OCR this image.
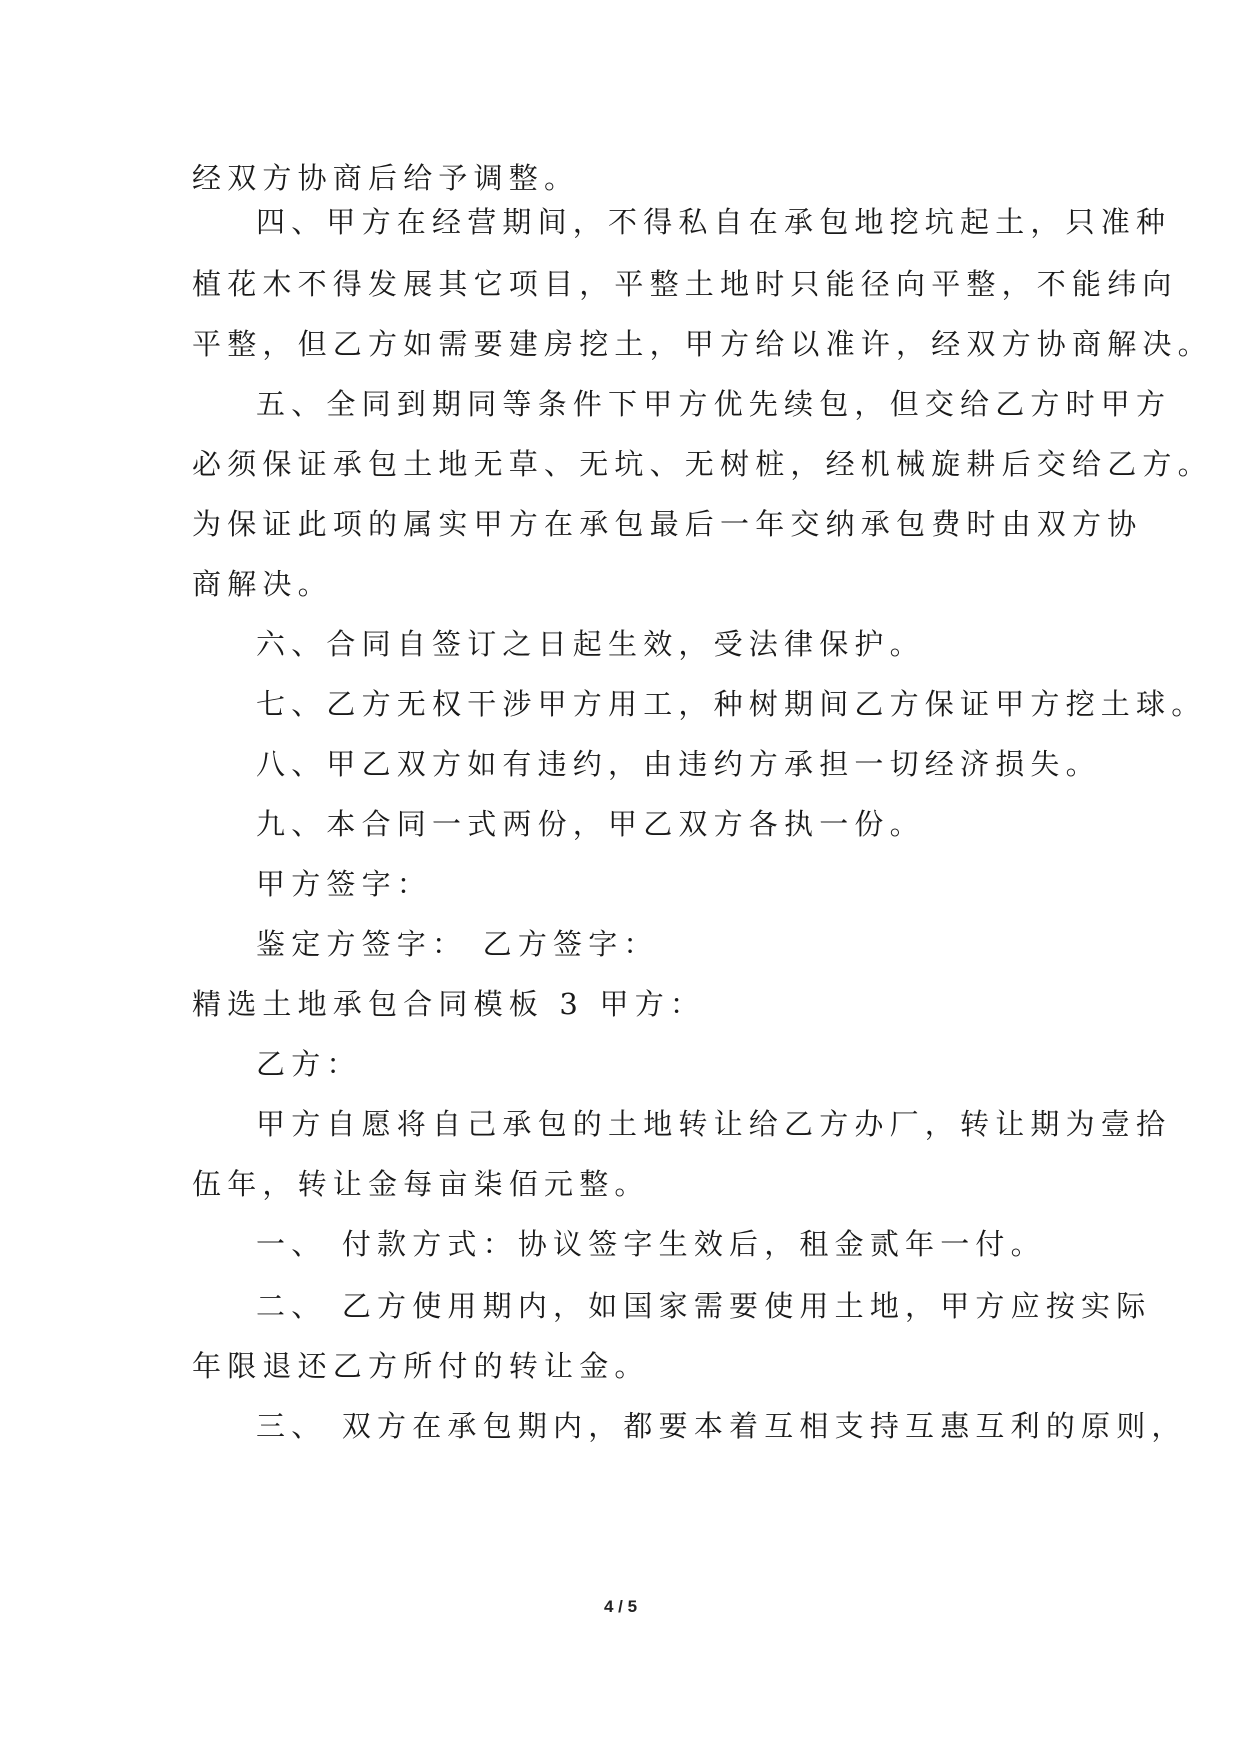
经双方协商后给予调整。
四、甲方在经营期间，不得私自在承包地挖坑起土，只准种
植花木不得发展其它项目，平整土地时只能径向平整，不能纬向
平整，但乙方如需要建房挖土，甲方给以准许，经双方协商解决。
五、全同到期同等条件下甲方优先续包，但交给乙方时甲方
必须保证承包土地无草、无坑、无树桩，经机械旋耕后交给乙方。
为保证此项的属实甲方在承包最后一年交纳承包费时由双方协
商解决。
六、合同自签订之日起生效，受法律保护。
七、乙方无权干涉甲方用工，种树期间乙方保证甲方挖土球。
八、甲乙双方如有违约，由违约方承担一切经济损失。
九、本合同一式两份，甲乙双方各执一份。
甲方签字：
鉴定方签字： 乙方签字：
精选土地承包合同模板 3 甲方：
乙方：
甲方自愿将自己承包的土地转让给乙方办厂，转让期为壹拾
伍年，转让金每亩柒佰元整。
一、 付款方式：协议签字生效后，租金贰年一付。
二、 乙方使用期内，如国家需要使用土地，甲方应按实际
年限退还乙方所付的转让金。
三、 双方在承包期内，都要本着互相支持互惠互利的原则，
4 / 5
